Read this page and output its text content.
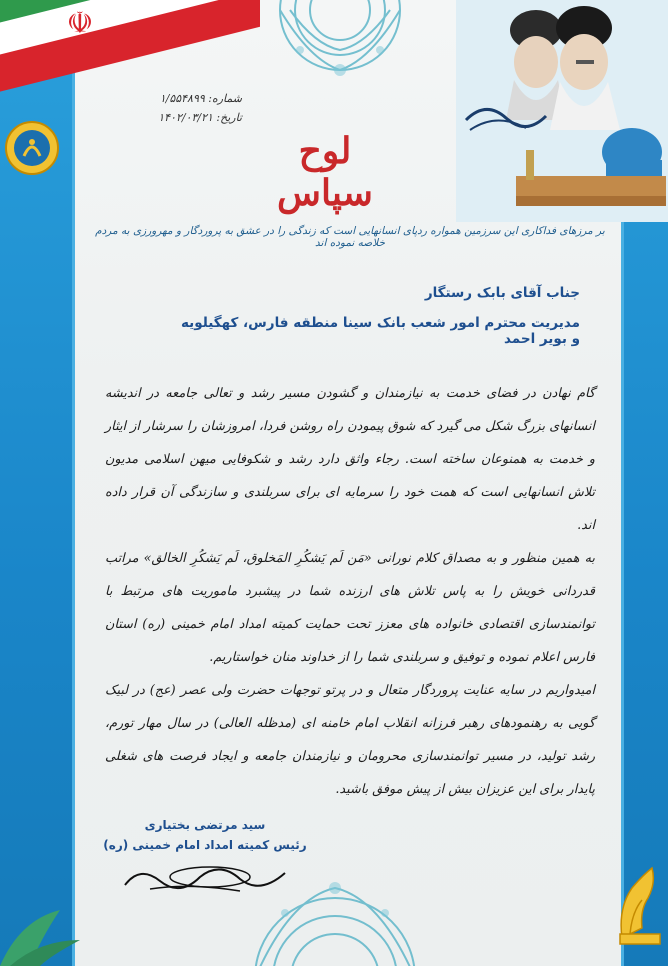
☫
شماره: ۱/۵۵۴۸۹۹
تاریخ: ۱۴۰۲/۰۳/۲۱
لوح سپاس
بر مرزهای فداکاری این سرزمین همواره ردپای انسانهایی است که زندگی را در عشق به پروردگار و مهرورزی به مردم خلاصه نموده اند
جناب آقای بابک رستگار
مدیریت محترم امور شعب بانک سینا منطقه فارس، کهگیلویه و بویر احمد

گام نهادن در فضای خدمت به نیازمندان و گشودن مسیر رشد و تعالی جامعه در اندیشه انسانهای بزرگ شکل می گیرد که شوق پیمودن راه روشن فردا، امروزشان را سرشار از ایثار و خدمت به همنوعان ساخته است. رجاء واثق دارد رشد و شکوفایی میهن اسلامی مدیون تلاش انسانهایی است که همت خود را سرمایه ای برای سربلندی و سازندگی آن قرار داده اند.

به همین منظور و به مصداق کلام نورانی «مَن لَم یَشکُرِ المَخلوق، لَم یَشکُرِ الخالق» مراتب قدردانی خویش را به پاس تلاش های ارزنده شما در پیشبرد ماموریت های مرتبط با توانمندسازی اقتصادی خانواده های معزز تحت حمایت کمیته امداد امام خمینی (ره) استان فارس اعلام نموده و توفیق و سربلندی شما را از خداوند منان خواستاریم.

امیدواریم در سایه عنایت پروردگار متعال و در پرتو توجهات حضرت ولی عصر (عج) در لبیک گویی به رهنمودهای رهبر فرزانه انقلاب امام خامنه ای (مدظله العالی) در سال مهار تورم، رشد تولید، در مسیر توانمندسازی محرومان و نیازمندان جامعه و ایجاد فرصت های شغلی پایدار برای این عزیزان بیش از پیش موفق باشید.

سید مرتضی بختیاری
رئیس کمیته امداد امام خمینی (ره)
